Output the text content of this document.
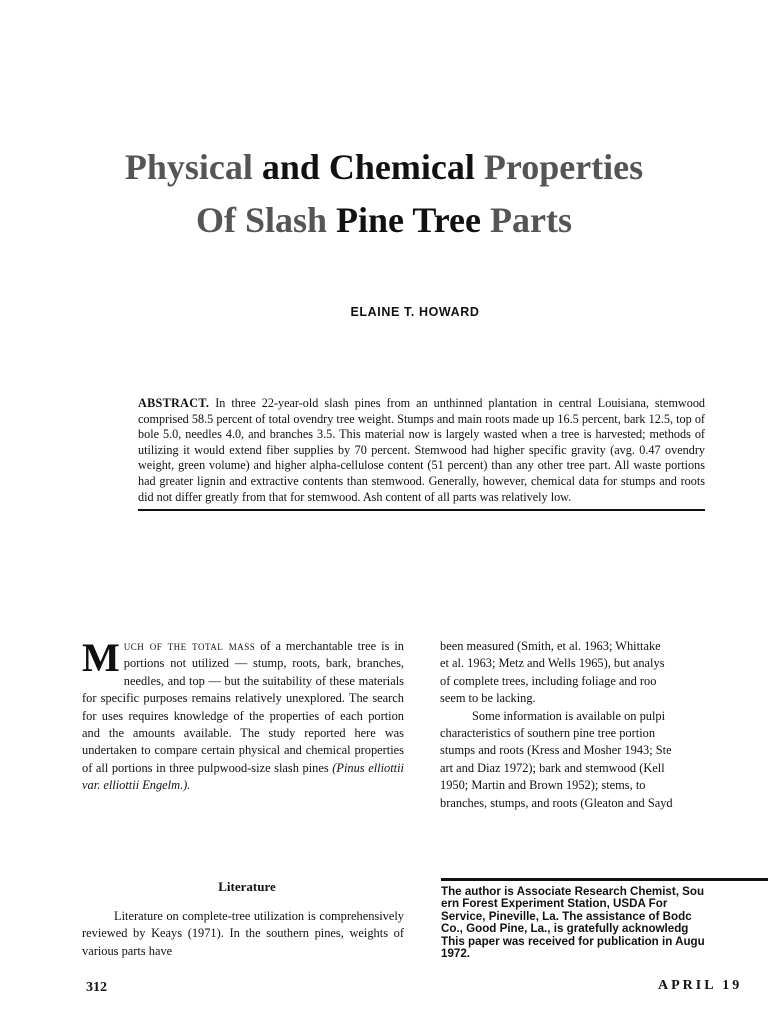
Physical and Chemical Properties
Of Slash Pine Tree Parts
ELAINE T. HOWARD
ABSTRACT. In three 22-year-old slash pines from an unthinned plantation in central Louisiana, stemwood comprised 58.5 percent of total ovendry tree weight. Stumps and main roots made up 16.5 percent, bark 12.5, top of bole 5.0, needles 4.0, and branches 3.5. This material now is largely wasted when a tree is harvested; methods of utilizing it would extend fiber supplies by 70 percent. Stemwood had higher specific gravity (avg. 0.47 ovendry weight, green volume) and higher alpha-cellulose content (51 percent) than any other tree part. All waste portions had greater lignin and extractive contents than stemwood. Generally, however, chemical data for stumps and roots did not differ greatly from that for stemwood. Ash content of all parts was relatively low.
M uch of the total mass of a merchantable tree is in portions not utilized — stump, roots, bark, branches, needles, and top — but the suitability of these materials for specific purposes remains relatively unexplored. The search for uses requires knowledge of the properties of each portion and the amounts available. The study reported here was undertaken to compare certain physical and chemical properties of all portions in three pulpwood-size slash pines (Pinus elliottii var. elliottii Engelm.).
been measured (Smith, et al. 1963; Whittake
et al. 1963; Metz and Wells 1965), but analys
of complete trees, including foliage and roo
seem to be lacking.
Some information is available on pulpi
characteristics of southern pine tree portion
stumps and roots (Kress and Mosher 1943; Ste
art and Diaz 1972); bark and stemwood (Kell
1950; Martin and Brown 1952); stems, to
branches, stumps, and roots (Gleaton and Sayd
Literature
Literature on complete-tree utilization is comprehensively reviewed by Keays (1971). In the southern pines, weights of various parts have
The author is Associate Research Chemist, Sou
ern Forest Experiment Station, USDA For
Service, Pineville, La. The assistance of Bodc
Co., Good Pine, La., is gratefully acknowledg
This paper was received for publication in Augu
1972.
312	APRIL 19
